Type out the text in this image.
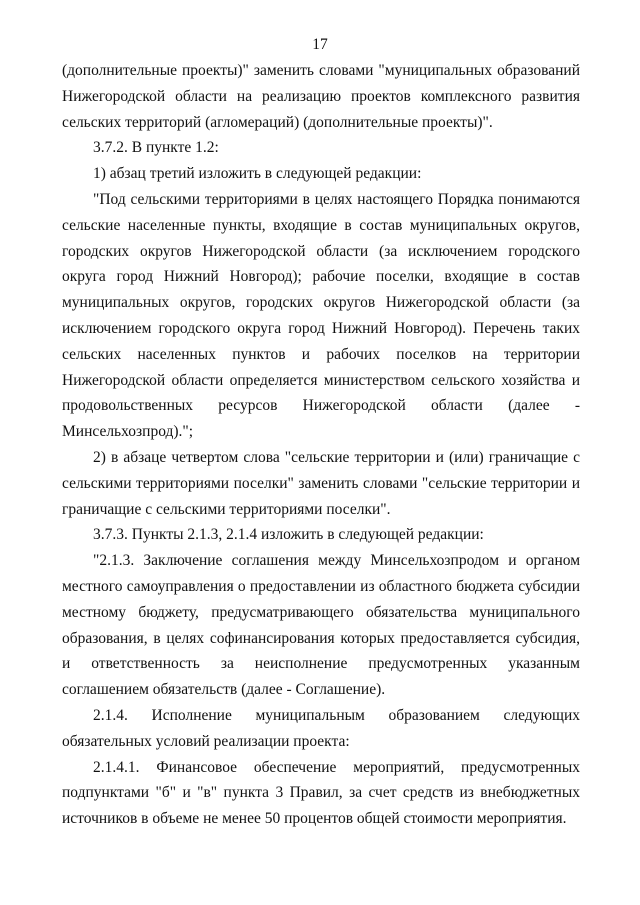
17

(дополнительные проекты)" заменить словами "муниципальных образований Нижегородской области на реализацию проектов комплексного развития сельских территорий (агломераций) (дополнительные проекты)".

3.7.2. В пункте 1.2:

1) абзац третий изложить в следующей редакции:

"Под сельскими территориями в целях настоящего Порядка понимаются сельские населенные пункты, входящие в состав муниципальных округов, городских округов Нижегородской области (за исключением городского округа город Нижний Новгород); рабочие поселки, входящие в состав муниципальных округов, городских округов Нижегородской области (за исключением городского округа город Нижний Новгород). Перечень таких сельских населенных пунктов и рабочих поселков на территории Нижегородской области определяется министерством сельского хозяйства и продовольственных ресурсов Нижегородской области (далее - Минсельхозпрод).";

2) в абзаце четвертом слова "сельские территории и (или) граничащие с сельскими территориями поселки" заменить словами "сельские территории и граничащие с сельскими территориями поселки".

3.7.3. Пункты 2.1.3, 2.1.4 изложить в следующей редакции:

"2.1.3. Заключение соглашения между Минсельхозпродом и органом местного самоуправления о предоставлении из областного бюджета субсидии местному бюджету, предусматривающего обязательства муниципального образования, в целях софинансирования которых предоставляется субсидия, и ответственность за неисполнение предусмотренных указанным соглашением обязательств (далее - Соглашение).

2.1.4. Исполнение муниципальным образованием следующих обязательных условий реализации проекта:

2.1.4.1. Финансовое обеспечение мероприятий, предусмотренных подпунктами "б" и "в" пункта 3 Правил, за счет средств из внебюджетных источников в объеме не менее 50 процентов общей стоимости мероприятия.
